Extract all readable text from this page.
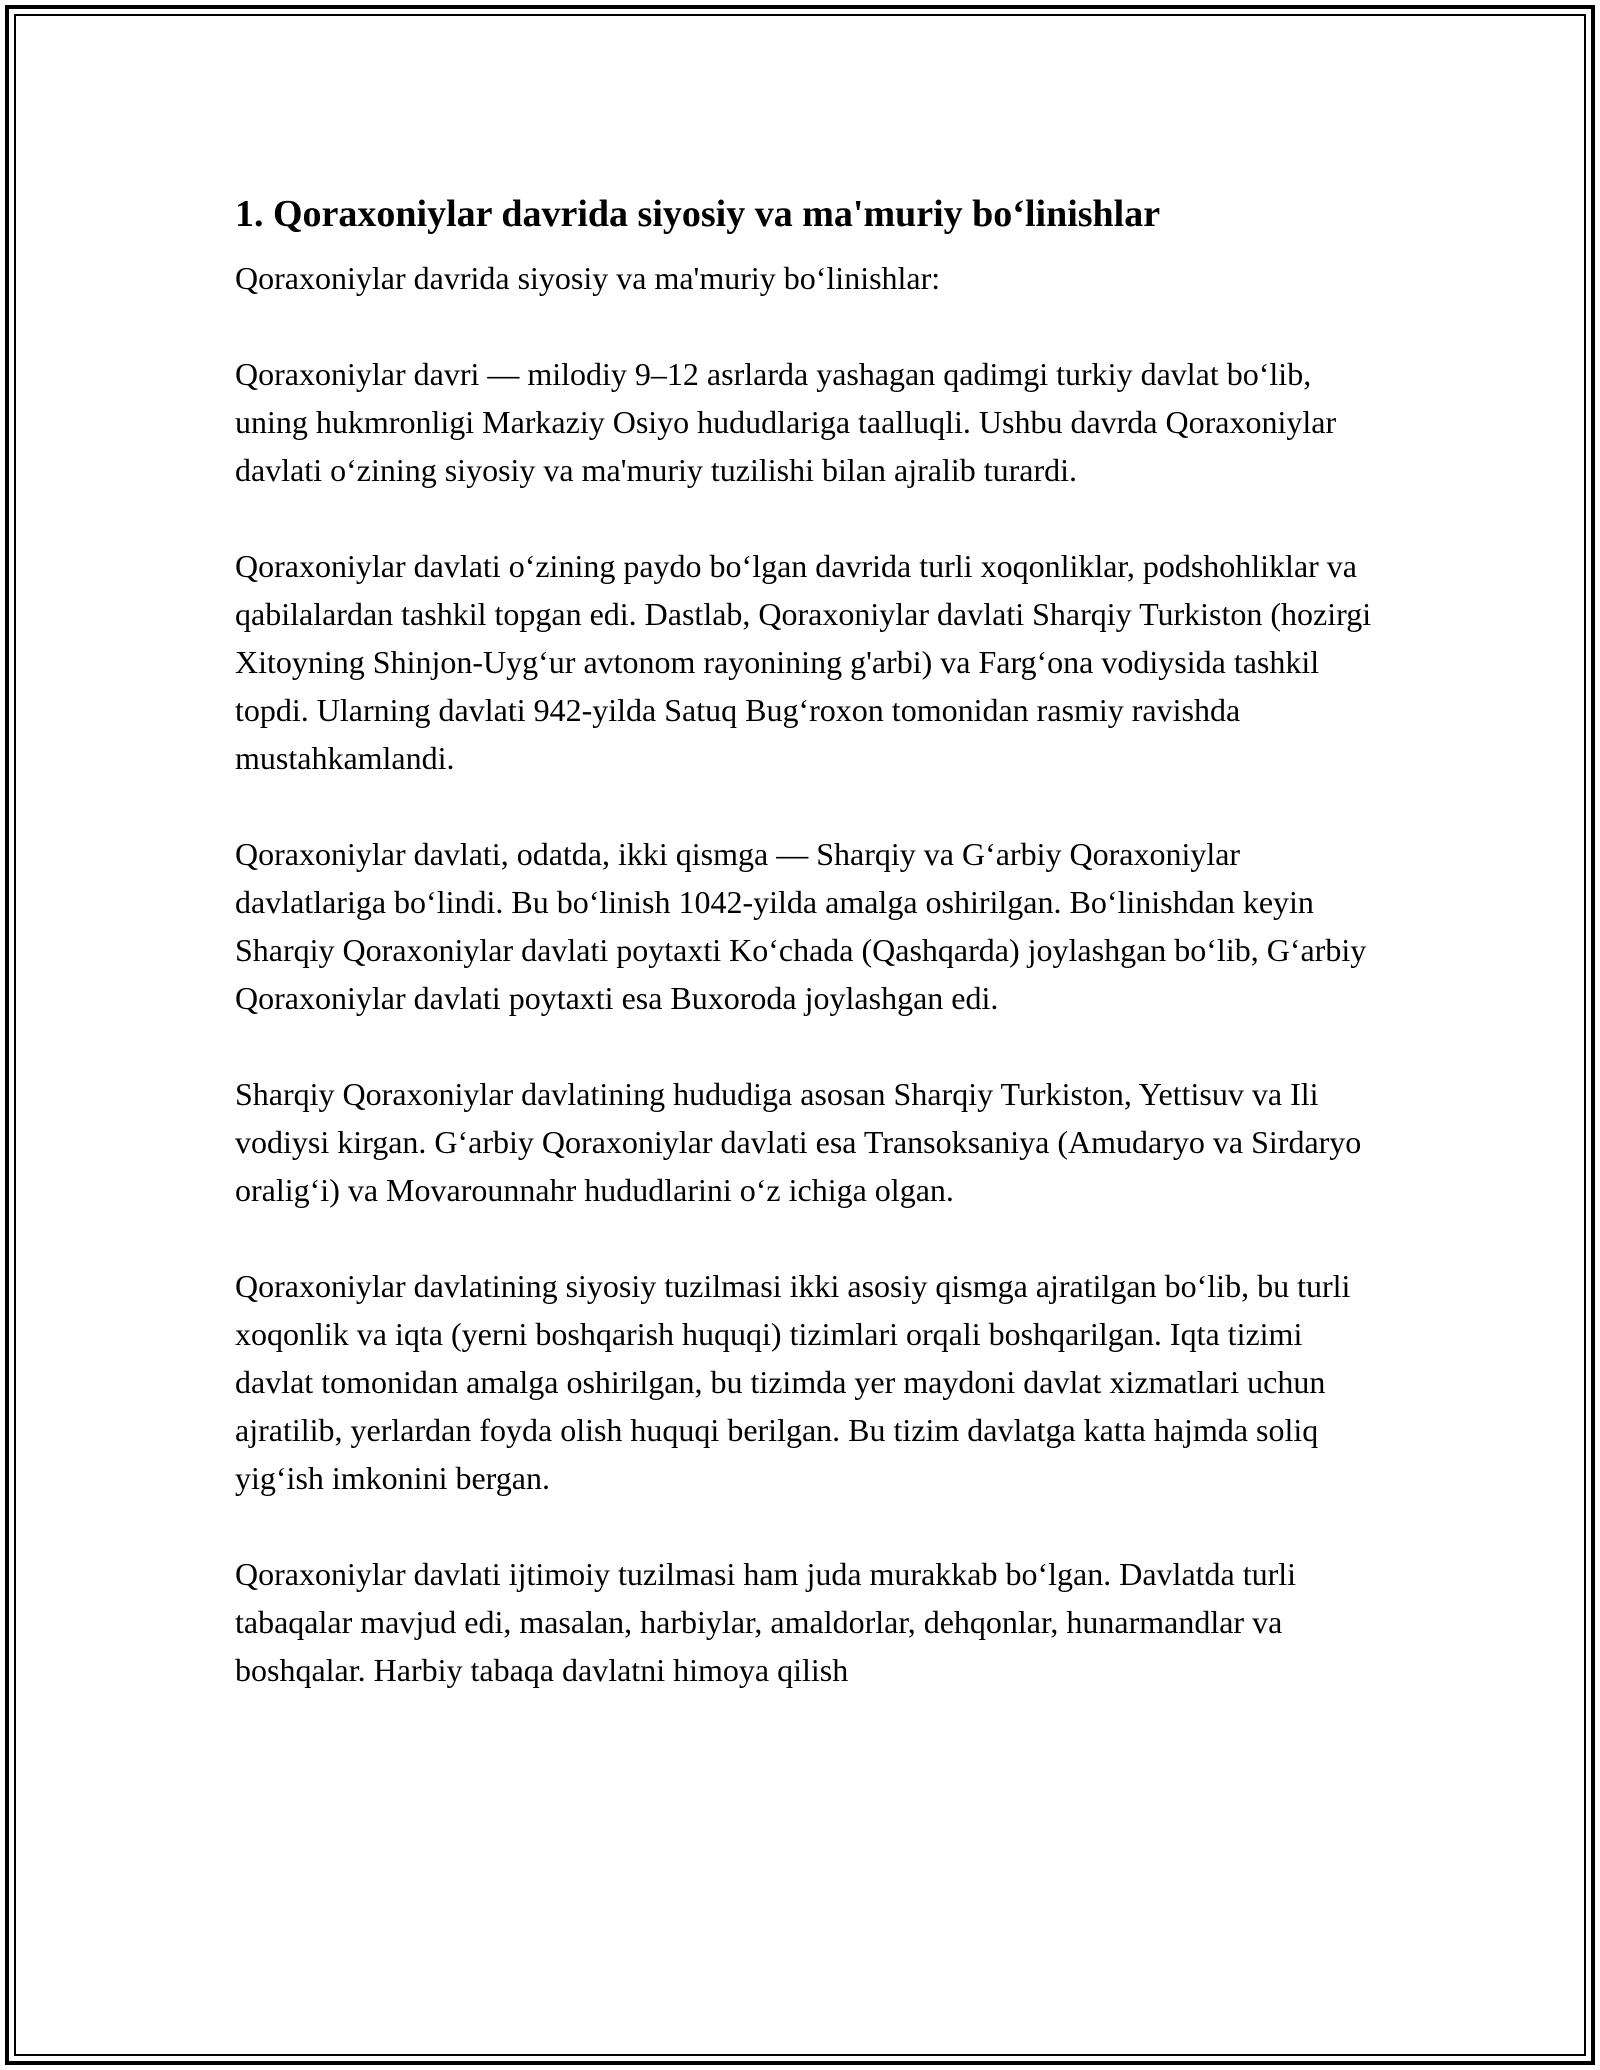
1. Qoraxoniylar davrida siyosiy va ma'muriy bo‘linishlar

Qoraxoniylar davrida siyosiy va ma'muriy bo‘linishlar:

Qoraxoniylar davri — milodiy 9–12 asrlarda yashagan qadimgi turkiy davlat bo‘lib, uning hukmronligi Markaziy Osiyo hududlariga taalluqli. Ushbu davrda Qoraxoniylar davlati o‘zining siyosiy va ma'muriy tuzilishi bilan ajralib turardi.

Qoraxoniylar davlati o‘zining paydo bo‘lgan davrida turli xoqonliklar, podshohliklar va qabilalardan tashkil topgan edi. Dastlab, Qoraxoniylar davlati Sharqiy Turkiston (hozirgi Xitoyning Shinjon-Uyg‘ur avtonom rayonining g'arbi) va Farg‘ona vodiysida tashkil topdi. Ularning davlati 942-yilda Satuq Bug‘roxon tomonidan rasmiy ravishda mustahkamlandi.

Qoraxoniylar davlati, odatda, ikki qismga — Sharqiy va G‘arbiy Qoraxoniylar davlatlariga bo‘lindi. Bu bo‘linish 1042-yilda amalga oshirilgan. Bo‘linishdan keyin Sharqiy Qoraxoniylar davlati poytaxti Ko‘chada (Qashqarda) joylashgan bo‘lib, G‘arbiy Qoraxoniylar davlati poytaxti esa Buxoroda joylashgan edi.

Sharqiy Qoraxoniylar davlatining hududiga asosan Sharqiy Turkiston, Yettisuv va Ili vodiysi kirgan. G‘arbiy Qoraxoniylar davlati esa Transoksaniya (Amudaryo va Sirdaryo oralig‘i) va Movarounnahr hududlarini o‘z ichiga olgan.

Qoraxoniylar davlatining siyosiy tuzilmasi ikki asosiy qismga ajratilgan bo‘lib, bu turli xoqonlik va iqta (yerni boshqarish huquqi) tizimlari orqali boshqarilgan. Iqta tizimi davlat tomonidan amalga oshirilgan, bu tizimda yer maydoni davlat xizmatlari uchun ajratilib, yerlardan foyda olish huquqi berilgan. Bu tizim davlatga katta hajmda soliq yig‘ish imkonini bergan.

Qoraxoniylar davlati ijtimoiy tuzilmasi ham juda murakkab bo‘lgan. Davlatda turli tabaqalar mavjud edi, masalan, harbiylar, amaldorlar, dehqonlar, hunarmandlar va boshqalar. Harbiy tabaqa davlatni himoya qilish
